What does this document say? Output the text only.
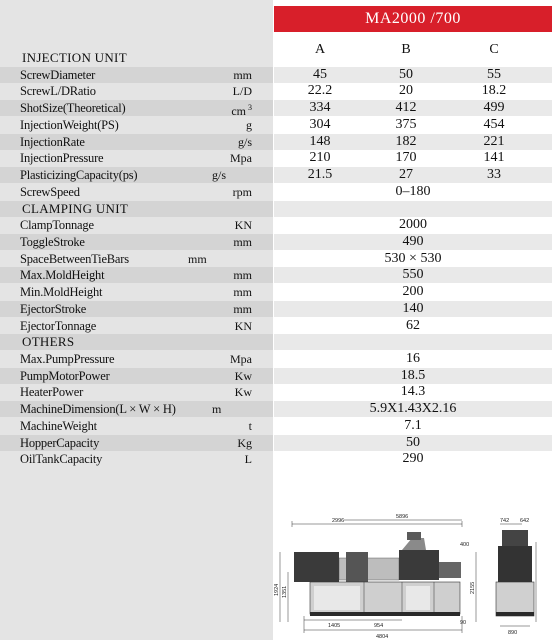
MA2000 /700
A	B	C
INJECTION UNIT
ScrewDiameter	mm	45	50	55
ScrewL/DRatio	L/D	22.2	20	18.2
ShotSize(Theoretical)	cm $^3$	334	412	499
InjectionWeight(PS)	g	304	375	454
InjectionRate	g/s	148	182	221
InjectionPressure	Mpa	210	170	141
PlasticizingCapacity(ps)	g/s	21.5	27	33
ScrewSpeed	rpm	0–180
CLAMPING UNIT
ClampTonnage	KN	2000
ToggleStroke	mm	490
SpaceBetweenTieBars	mm	530 × 530
Max.MoldHeight	mm	550
Min.MoldHeight	mm	200
EjectorStroke	mm	140
EjectorTonnage	KN	62
OTHERS
Max.PumpPressure	Mpa	16
PumpMotorPower	Kw	18.5
HeaterPower	Kw	14.3
MachineDimension(L × W × H)	m	5.9X1.43X2.16
MachineWeight	t	7.1
HopperCapacity	Kg	50
OilTankCapacity	L	290
2996
5896
400
1924 1351	2155
1405	954
4804
742 642
890
90
